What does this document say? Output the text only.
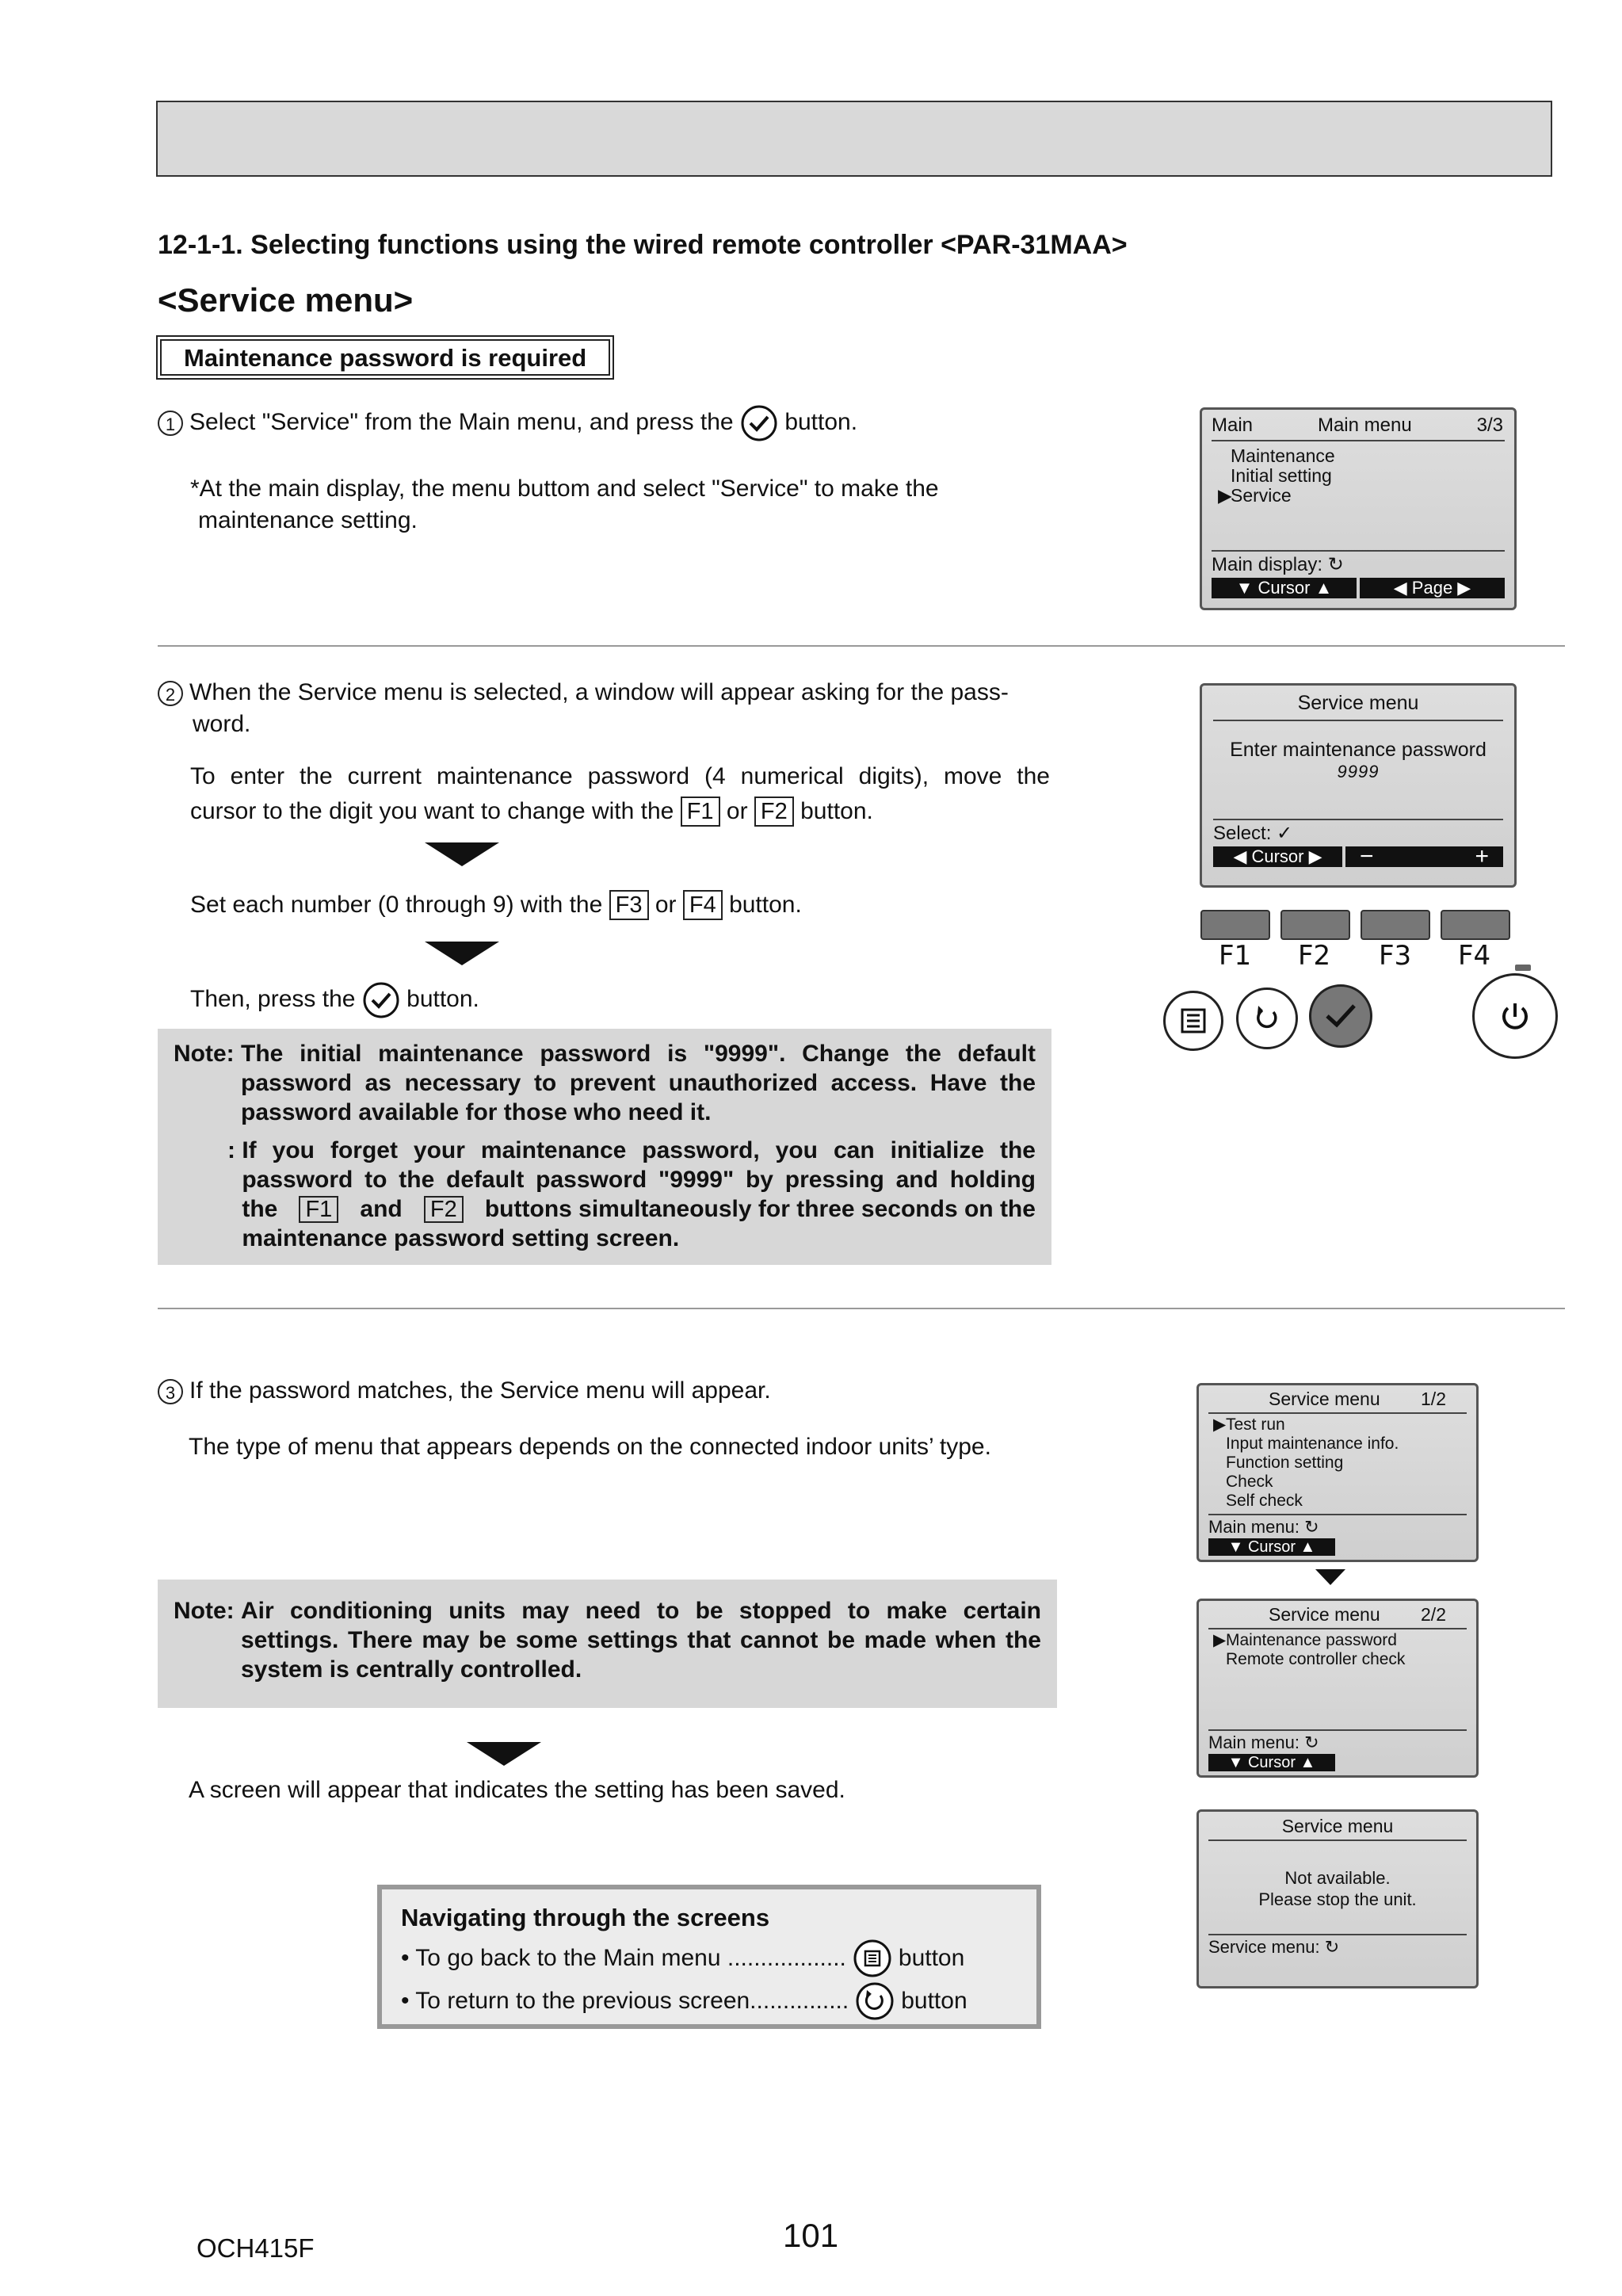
12-1-1. Selecting functions using the wired remote controller <PAR-31MAA>
<Service menu>
Maintenance password is required
1 Select "Service" from the Main menu, and press the button.
*At the main display, the menu buttom and select "Service" to make the
maintenance setting.
Main	Main menu	3/3
Maintenance
Initial setting
▶
Service
Main display: ↻
▼ Cursor ▲	◀ Page ▶
2 When the Service menu is selected, a window will appear asking for the pass-
word.
To enter the current maintenance password (4 numerical digits), move the
cursor to the digit you want to change with the F1 or F2 button.
Set each number (0 through 9) with the F3 or F4 button.
Then, press the button.
Note: The initial maintenance password is "9999". Change the default password as necessary to prevent unauthorized access. Have the password available for those who need it.
: If you forget your maintenance password, you can initialize the
password to the default password "9999" by pressing and holding
the F1 and F2 buttons simultaneously for three seconds on the
maintenance password setting screen.
Service menu
Enter maintenance password
9999
Select: ✓
◀ Cursor ▶	−	+
F1 F2 F3 F4
3 If the password matches, the Service menu will appear.
The type of menu that appears depends on the connected indoor units’ type.
Note: Air conditioning units may need to be stopped to make certain settings. There may be some settings that cannot be made when the system is centrally controlled.
A screen will appear that indicates the setting has been saved.
Service menu 1/2
▶ Test run
Input maintenance info.
Function setting
Check
Self check
Main menu: ↻
▼ Cursor ▲
Service menu 2/2
▶ Maintenance password
Remote controller check
Main menu: ↻
▼ Cursor ▲
Service menu
Not available.
Please stop the unit.
Service menu: ↻
Navigating through the screens
• To go back to the Main menu .................. button
• To return to the previous screen............... button
OCH415F	101
